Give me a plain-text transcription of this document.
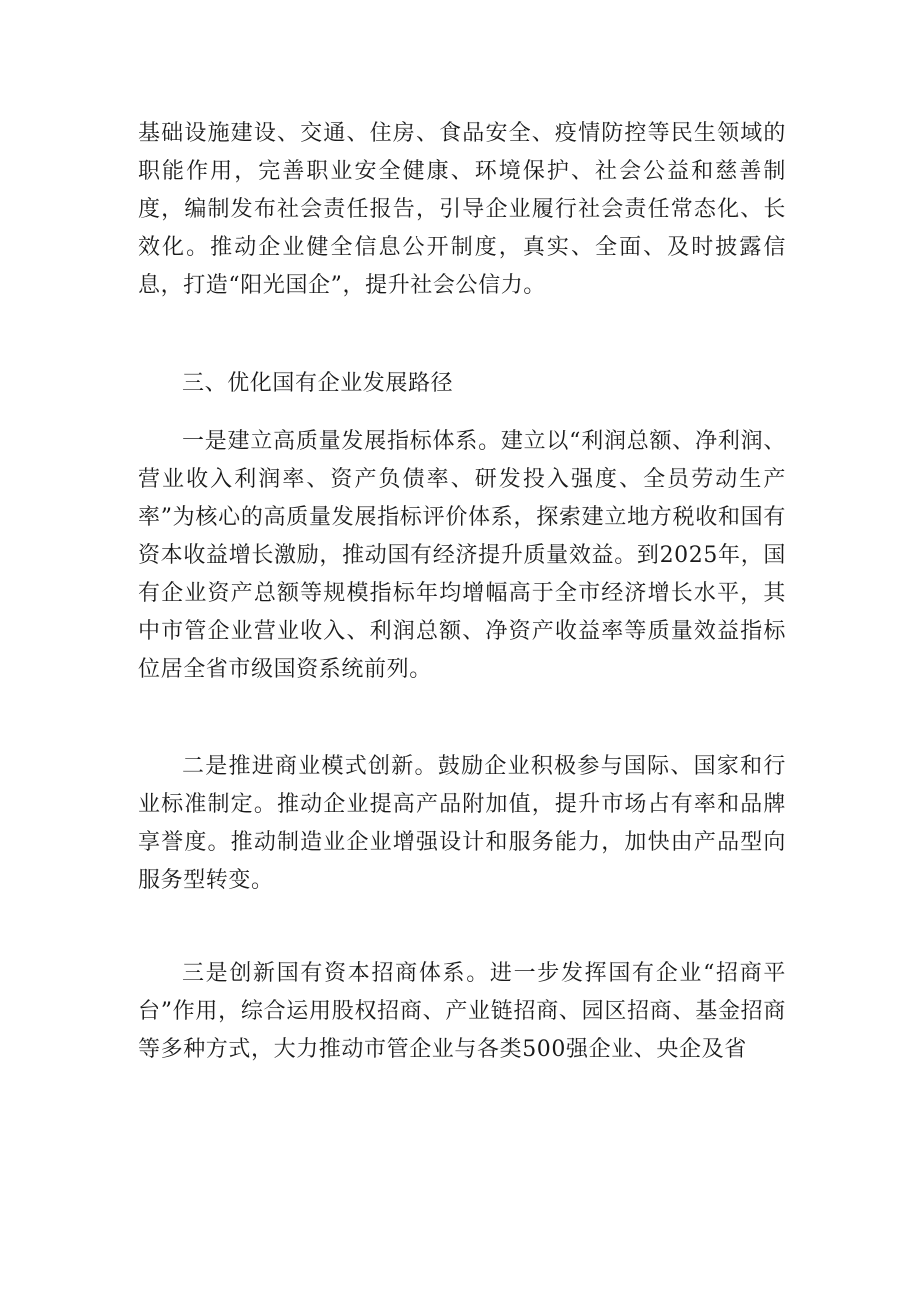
基础设施建设、交通、住房、食品安全、疫情防控等民生领域的职能作用，完善职业安全健康、环境保护、社会公益和慈善制度，编制发布社会责任报告，引导企业履行社会责任常态化、长效化。推动企业健全信息公开制度，真实、全面、及时披露信息，打造“阳光国企”，提升社会公信力。

三、优化国有企业发展路径

一是建立高质量发展指标体系。建立以“利润总额、净利润、营业收入利润率、资产负债率、研发投入强度、全员劳动生产率”为核心的高质量发展指标评价体系，探索建立地方税收和国有资本收益增长激励，推动国有经济提升质量效益。到2025年，国有企业资产总额等规模指标年均增幅高于全市经济增长水平，其中市管企业营业收入、利润总额、净资产收益率等质量效益指标位居全省市级国资系统前列。

二是推进商业模式创新。鼓励企业积极参与国际、国家和行业标准制定。推动企业提高产品附加值，提升市场占有率和品牌享誉度。推动制造业企业增强设计和服务能力，加快由产品型向服务型转变。

三是创新国有资本招商体系。进一步发挥国有企业“招商平台”作用，综合运用股权招商、产业链招商、园区招商、基金招商等多种方式，大力推动市管企业与各类500强企业、央企及省
